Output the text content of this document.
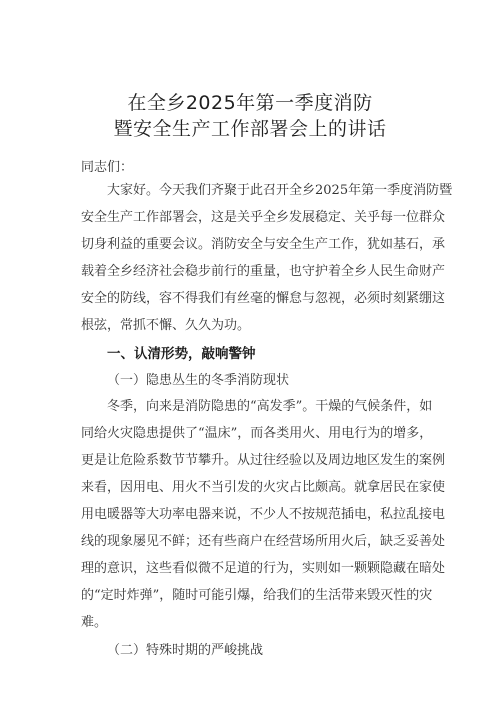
在全乡2025年第一季度消防
暨安全生产工作部署会上的讲话
同志们：
大家好。今天我们齐聚于此召开全乡2025年第一季度消防暨
安全生产工作部署会，这是关乎全乡发展稳定、关乎每一位群众
切身利益的重要会议。消防安全与安全生产工作，犹如基石，承
载着全乡经济社会稳步前行的重量，也守护着全乡人民生命财产
安全的防线，容不得我们有丝毫的懈怠与忽视，必须时刻紧绷这
根弦，常抓不懈、久久为功。
一、认清形势，敲响警钟
（一）隐患丛生的冬季消防现状
冬季，向来是消防隐患的“高发季”。干燥的气候条件，如
同给火灾隐患提供了“温床”，而各类用火、用电行为的增多，
更是让危险系数节节攀升。从过往经验以及周边地区发生的案例
来看，因用电、用火不当引发的火灾占比颇高。就拿居民在家使
用电暖器等大功率电器来说，不少人不按规范插电，私拉乱接电
线的现象屡见不鲜；还有些商户在经营场所用火后，缺乏妥善处
理的意识，这些看似微不足道的行为，实则如一颗颗隐藏在暗处
的“定时炸弹”，随时可能引爆，给我们的生活带来毁灭性的灾
难。
（二）特殊时期的严峻挑战
